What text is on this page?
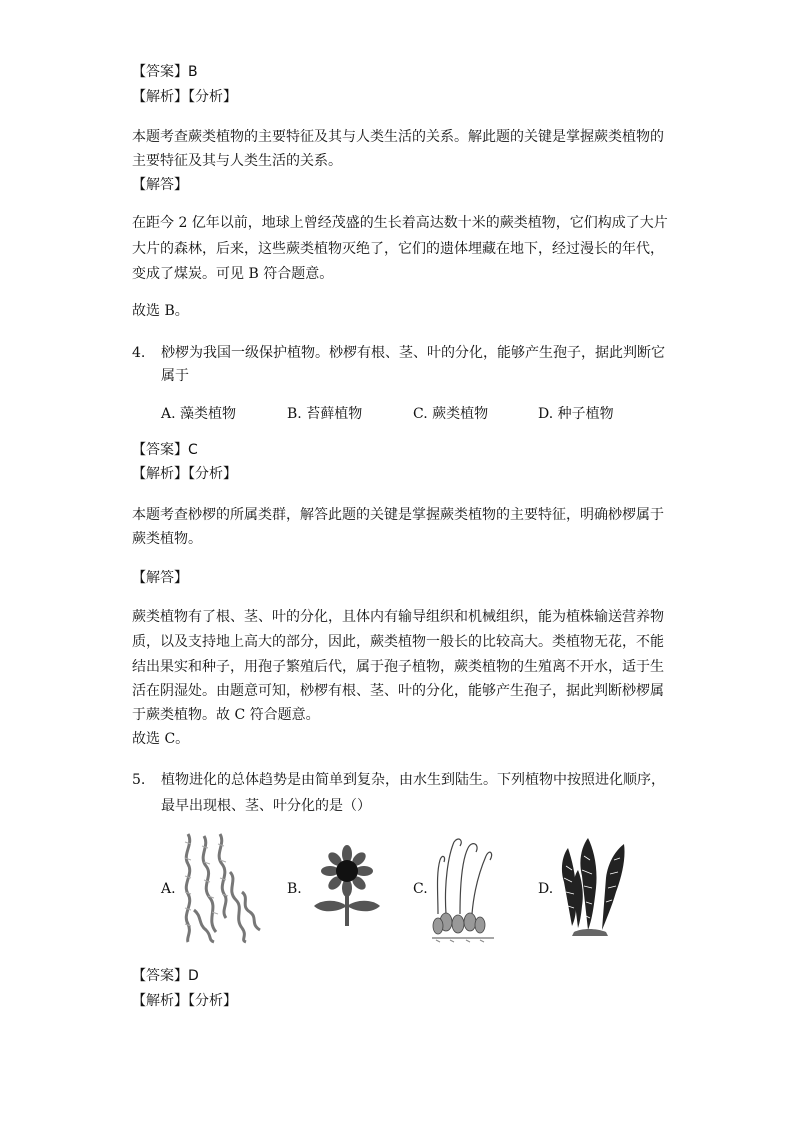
【答案】B
【解析】【分析】
本题考查蕨类植物的主要特征及其与人类生活的关系。解此题的关键是掌握蕨类植物的
主要特征及其与人类生活的关系。
【解答】
在距今 2 亿年以前，地球上曾经茂盛的生长着高达数十米的蕨类植物，它们构成了大片
大片的森林，后来，这些蕨类植物灭绝了，它们的遗体埋藏在地下，经过漫长的年代，
变成了煤炭。可见 B 符合题意。
故选 B。
4. 桫椤为我国一级保护植物。桫椤有根、茎、叶的分化，能够产生孢子，据此判断它
属于
A. 藻类植物	B. 苔藓植物	C. 蕨类植物	D. 种子植物
【答案】C
【解析】【分析】
本题考查桫椤的所属类群，解答此题的关键是掌握蕨类植物的主要特征，明确桫椤属于
蕨类植物。
【解答】
蕨类植物有了根、茎、叶的分化，且体内有输导组织和机械组织，能为植株输送营养物
质，以及支持地上高大的部分，因此，蕨类植物一般长的比较高大。类植物无花，不能
结出果实和种子，用孢子繁殖后代，属于孢子植物，蕨类植物的生殖离不开水，适于生
活在阴湿处。由题意可知，桫椤有根、茎、叶的分化，能够产生孢子，据此判断桫椤属
于蕨类植物。故 C 符合题意。
故选 C。
5. 植物进化的总体趋势是由简单到复杂，由水生到陆生。下列植物中按照进化顺序，
最早出现根、茎、叶分化的是（）
A.	B.	C.	D.
【答案】D
【解析】【分析】
